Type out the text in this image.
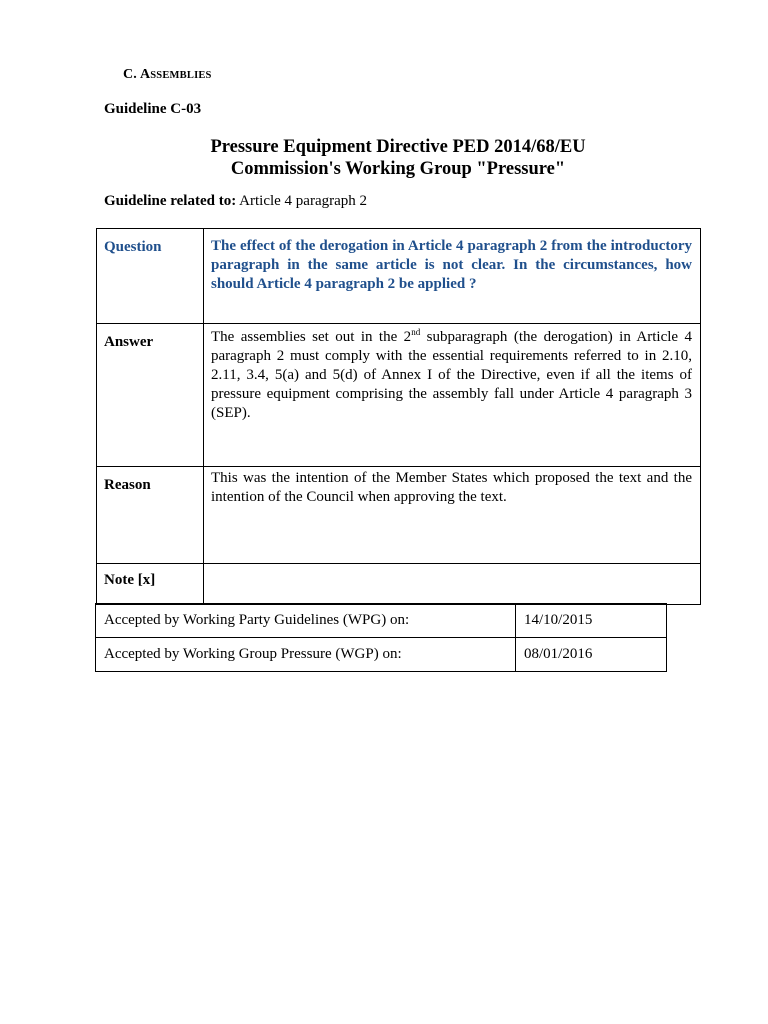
C. ASSEMBLIES
Guideline C-03
Pressure Equipment Directive PED 2014/68/EU
Commission's Working Group "Pressure"
Guideline related to: Article 4 paragraph 2
Question	The effect of the derogation in Article 4 paragraph 2 from the introductory paragraph in the same article is not clear. In the circumstances, how should Article 4 paragraph 2 be applied ?

Answer	The assemblies set out in the 2nd subparagraph (the derogation) in Article 4 paragraph 2 must comply with the essential requirements referred to in 2.10, 2.11, 3.4, 5(a) and 5(d) of Annex I of the Directive, even if all the items of pressure equipment comprising the assembly fall under Article 4 paragraph 3 (SEP).
Reason	This was the intention of the Member States which proposed the text and the intention of the Council when approving the text.
Note [x]	
Accepted by Working Party Guidelines (WPG) on:	14/10/2015
Accepted by Working Group Pressure (WGP) on:	08/01/2016
